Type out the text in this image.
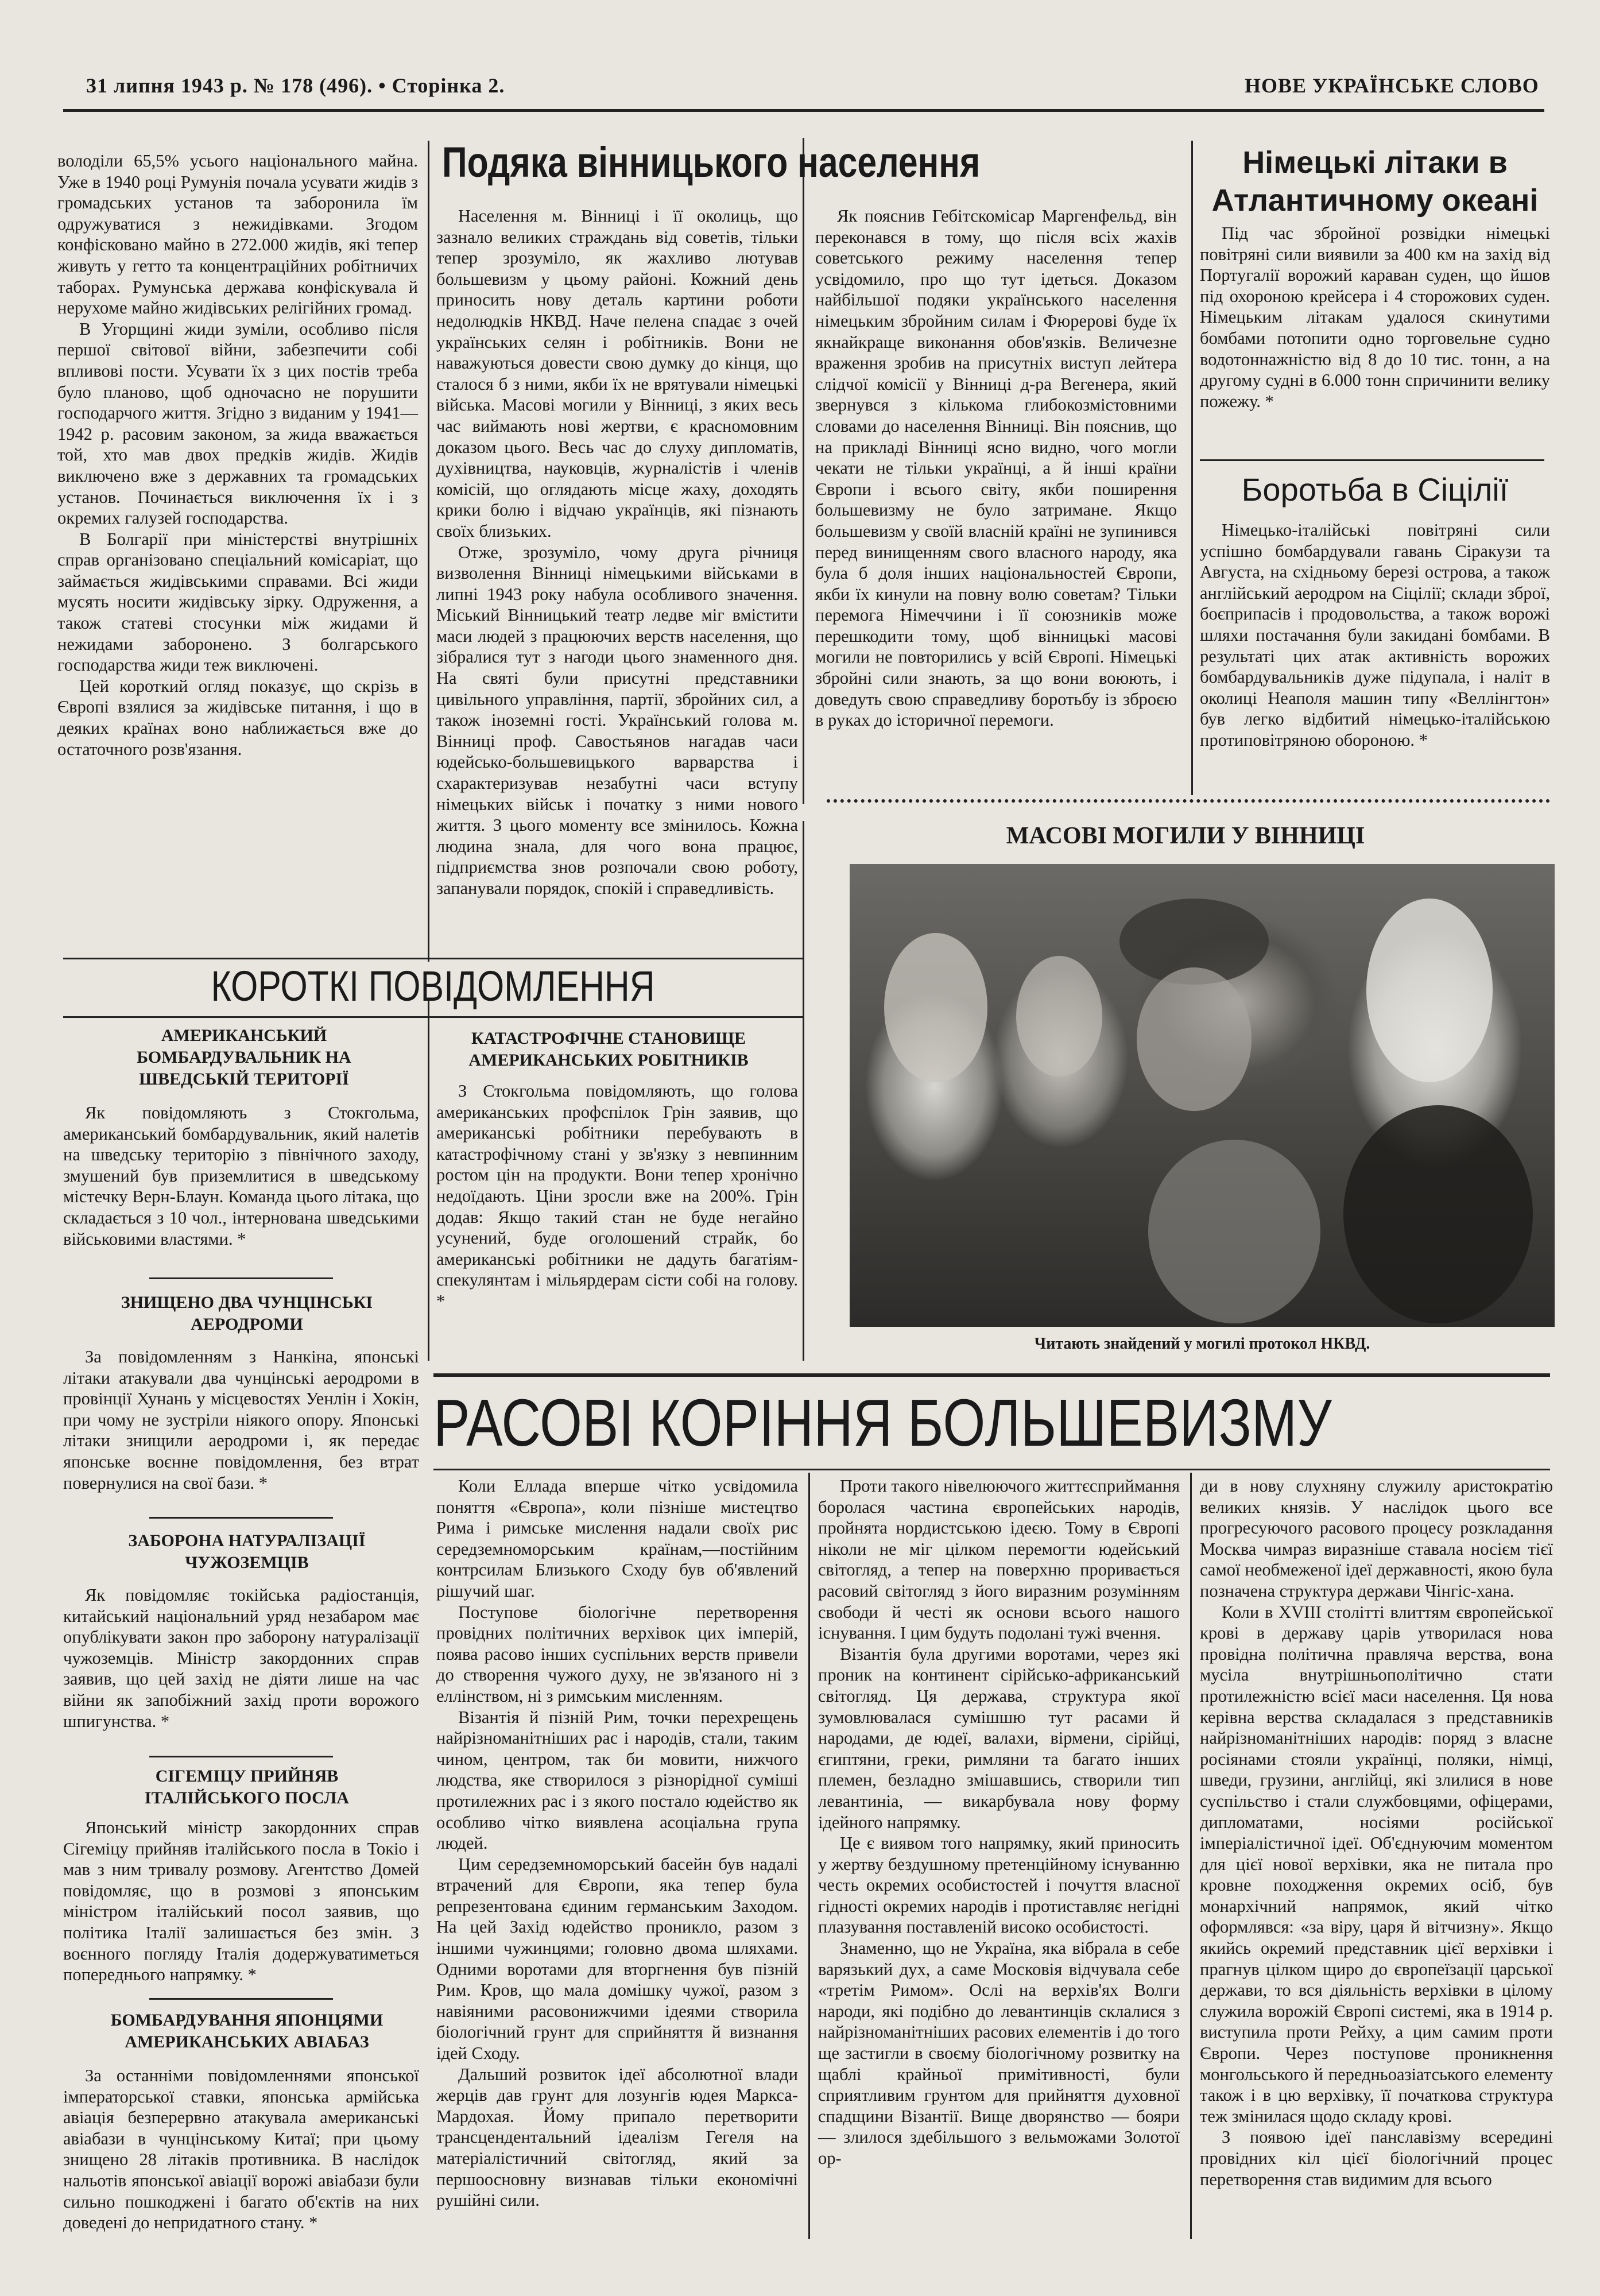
31 липня 1943 р. № 178 (496). • Сторінка 2.	НОВЕ УКРАЇНСЬКЕ СЛОВО

володіли 65,5% усього національного майна. Уже в 1940 році Румунія почала усувати жидів з громадських установ та заборонила їм одружуватися з нежидівками. Згодом конфісковано майно в 272.000 жидів, які тепер живуть у гетто та концентраційних робітничих таборах. Румунська держава конфіскувала й нерухоме майно жидівських релігійних громад.

В Угорщині жиди зуміли, особливо після першої світової війни, забезпечити собі впливові пости. Усувати їх з цих постів треба було планово, щоб одночасно не порушити господарчого життя. Згідно з виданим у 1941—1942 р. расовим законом, за жида вважається той, хто мав двох предків жидів. Жидів виключено вже з державних та громадських установ. Починається виключення їх і з окремих галузей господарства.

В Болгарії при міністерстві внутрішніх справ організовано спеціальний комісаріат, що займається жидівськими справами. Всі жиди мусять носити жидівську зірку. Одруження, а також статеві стосунки між жидами й нежидами заборонено. З болгарського господарства жиди теж виключені.

Цей короткий огляд показує, що скрізь в Європі взялися за жидівське питання, і що в деяких країнах воно наближається вже до остаточного розв'язання.

Подяка вінницького населення

Населення м. Вінниці і її околиць, що зазнало великих страждань від советів, тільки тепер зрозуміло, як жахливо лютував большевизм у цьому районі. Кожний день приносить нову деталь картини роботи недолюдків НКВД. Наче пелена спадає з очей українських селян і робітників. Вони не наважуються довести свою думку до кінця, що сталося б з ними, якби їх не врятували німецькі війська. Масові могили у Вінниці, з яких весь час виймають нові жертви, є красномовним доказом цього. Весь час до слуху дипломатів, духівництва, науковців, журналістів і членів комісій, що оглядають місце жаху, доходять крики болю і відчаю українців, які пізнають своїх близьких.

Отже, зрозуміло, чому друга річниця визволення Вінниці німецькими військами в липні 1943 року набула особливого значення. Міський Вінницький театр ледве міг вмістити маси людей з працюючих верств населення, що зібралися тут з нагоди цього знаменного дня. На святі були присутні представники цивільного управління, партії, збройних сил, а також іноземні гості. Український голова м. Вінниці проф. Савостьянов нагадав часи юдейсько-большевицького варварства і схарактеризував незабутні часи вступу німецьких військ і початку з ними нового життя. З цього моменту все змінилось. Кожна людина знала, для чого вона працює, підприємства знов розпочали свою роботу, запанували порядок, спокій і справедливість.

Як пояснив Гебітскомісар Маргенфельд, він переконався в тому, що після всіх жахів советського режиму населення тепер усвідомило, про що тут ідеться. Доказом найбільшої подяки українського населення німецьким збройним силам і Фюрерові буде їх якнайкраще виконання обов'язків. Величезне враження зробив на присутніх виступ лейтера слідчої комісії у Вінниці д-ра Вегенера, який звернувся з кількома глибокозмістовними словами до населення Вінниці. Він пояснив, що на прикладі Вінниці ясно видно, чого могли чекати не тільки українці, а й інші країни Європи і всього світу, якби поширення большевизму не було затримане. Якщо большевизм у своїй власній країні не зупинився перед винищенням свого власного народу, яка була б доля інших національностей Європи, якби їх кинули на повну волю советам? Тільки перемога Німеччини і її союзників може перешкодити тому, щоб вінницькі масові могили не повторились у всій Європі. Німецькі збройні сили знають, за що вони воюють, і доведуть свою справедливу боротьбу із зброєю в руках до історичної перемоги.

Німецькі літаки в Атлантичному океані

Під час збройної розвідки німецькі повітряні сили виявили за 400 км на захід від Португалії ворожий караван суден, що йшов під охороною крейсера і 4 сторожових суден. Німецьким літакам удалося скинутими бомбами потопити одно торговельне судно водотоннажністю від 8 до 10 тис. тонн, а на другому судні в 6.000 тонн спричинити велику пожежу. *

Боротьба в Сіцілії

Німецько-італійські повітряні сили успішно бомбардували гавань Сіракузи та Августа, на східньому березі острова, а також англійський аеродром на Сіцілії; склади зброї, боєприпасів і продовольства, а також ворожі шляхи постачання були закидані бомбами. В результаті цих атак активність ворожих бомбардувальників дуже підупала, і наліт в околиці Неаполя машин типу «Веллінгтон» був легко відбитий німецько-італійською протиповітряною обороною. *

МАСОВІ МОГИЛИ У ВІННИЦІ
Читають знайдений у могилі протокол НКВД.
КОРОТКІ ПОВІДОМЛЕННЯ
АМЕРИКАНСЬКИЙ БОМБАРДУВАЛЬНИК НА ШВЕДСЬКІЙ ТЕРИТОРІЇ

Як повідомляють з Стокгольма, американський бомбардувальник, який налетів на шведську територію з північного заходу, змушений був приземлитися в шведському містечку Верн-Блаун. Команда цього літака, що складається з 10 чол., інтернована шведськими військовими властями. *

ЗНИЩЕНО ДВА ЧУНЦІНСЬКІ АЕРОДРОМИ

За повідомленням з Нанкіна, японські літаки атакували два чунцінські аеродроми в провінції Хунань у місцевостях Уенлін і Хокін, при чому не зустріли ніякого опору. Японські літаки знищили аеродроми і, як передає японське воєнне повідомлення, без втрат повернулися на свої бази. *

ЗАБОРОНА НАТУРАЛІЗАЦІЇ ЧУЖОЗЕМЦІВ

Як повідомляє токійська радіостанція, китайський національний уряд незабаром має опублікувати закон про заборону натуралізації чужоземців. Міністр закордонних справ заявив, що цей захід не діяти лише на час війни як запобіжний захід проти ворожого шпигунства. *

СІГЕМІЦУ ПРИЙНЯВ ІТАЛІЙСЬКОГО ПОСЛА

Японський міністр закордонних справ Сігеміцу прийняв італійського посла в Токіо і мав з ним тривалу розмову. Агентство Домей повідомляє, що в розмові з японським міністром італійський посол заявив, що політика Італії залишається без змін. З воєнного погляду Італія додержуватиметься попереднього напрямку. *

БОМБАРДУВАННЯ ЯПОНЦЯМИ АМЕРИКАНСЬКИХ АВІАБАЗ

За останніми повідомленнями японської імператорської ставки, японська армійська авіація безперервно атакувала американські авіабази в чунцінському Китаї; при цьому знищено 28 літаків противника. В наслідок нальотів японської авіації ворожі авіабази були сильно пошкоджені і багато об'єктів на них доведені до непридатного стану. *

КАТАСТРОФІЧНЕ СТАНОВИЩЕ АМЕРИКАНСЬКИХ РОБІТНИКІВ

З Стокгольма повідомляють, що голова американських профспілок Грін заявив, що американські робітники перебувають в катастрофічному стані у зв'язку з невпинним ростом цін на продукти. Вони тепер хронічно недоїдають. Ціни зросли вже на 200%. Грін додав: Якщо такий стан не буде негайно усунений, буде оголошений страйк, бо американські робітники не дадуть багатіям-спекулянтам і мільярдерам сісти собі на голову. *

РАСОВІ КОРІННЯ БОЛЬШЕВИЗМУ

Коли Еллада вперше чітко усвідомила поняття «Європа», коли пізніше мистецтво Рима і римське мислення надали своїх рис середземноморським країнам,—постійним контрсилам Близького Сходу був об'явлений рішучий шаг.

Поступове біологічне перетворення провідних політичних верхівок цих імперій, поява расово інших суспільних верств привели до створення чужого духу, не зв'язаного ні з еллінством, ні з римським мисленням.

Візантія й пізній Рим, точки перехрещень найрізноманітніших рас і народів, стали, таким чином, центром, так би мовити, нижчого людства, яке створилося з різнорідної суміші протилежних рас і з якого постало юдейство як особливо чітко виявлена асоціальна група людей.

Цим середземноморський басейн був надалі втрачений для Європи, яка тепер була репрезентована єдиним германським Заходом. На цей Захід юдейство проникло, разом з іншими чужинцями; головно двома шляхами. Одними воротами для вторгнення був пізній Рим. Кров, що мала домішку чужої, разом з навіяними расовонижчими ідеями створила біологічний грунт для сприйняття й визнання ідей Сходу.

Дальший розвиток ідеї абсолютної влади жерців дав грунт для лозунгів юдея Маркса-Мардохая. Йому припало перетворити трансцендентальний ідеалізм Гегеля на матеріалістичний світогляд, який за першоосновну визнавав тільки економічні рушійні сили.

Проти такого нівелюючого життєсприймання боролася частина європейських народів, пройнята нордистською ідеєю. Тому в Європі ніколи не міг цілком перемогти юдейський світогляд, а тепер на поверхню проривається расовий світогляд з його виразним розумінням свободи й честі як основи всього нашого існування. І цим будуть подолані тужі вчення.

Візантія була другими воротами, через які проник на континент сірійсько-африканський світогляд. Ця держава, структура якої зумовлювалася сумішшю тут расами й народами, де юдеї, валахи, вірмени, сірійці, єгиптяни, греки, римляни та багато інших племен, безладно змішавшись, створили тип левантиніа, — викарбувала нову форму ідейного напрямку.

Це є виявом того напрямку, який приносить у жертву бездушному претенційному існуванню честь окремих особистостей і почуття власної гідності окремих народів і протиставляє негідні плазування поставленій високо особистості.

Знаменно, що не Україна, яка вібрала в себе варязький дух, а саме Московія відчувала себе «третім Римом». Ослі на верхів'ях Волги народи, які подібно до левантинців склалися з найрізноманітніших расових елементів і до того ще застигли в своєму біологічному розвитку на щаблі крайньої примітивності, були сприятливим грунтом для прийняття духовної спадщини Візантії. Вище дворянство — бояри — злилося здебільшого з вельможами Золотої ор-

ди в нову слухняну служилу аристократію великих князів. У наслідок цього все прогресуючого расового процесу розкладання Москва чимраз виразніше ставала носієм тієї самої необмеженої ідеї державності, якою була позначена структура держави Чінгіс-хана.

Коли в XVIII столітті влиттям європейської крові в державу царів утворилася нова провідна політична правляча верства, вона мусіла внутрішньополітично стати протилежністю всієї маси населення. Ця нова керівна верства складалася з представників найрізноманітніших народів: поряд з власне росіянами стояли українці, поляки, німці, шведи, грузини, англійці, які злилися в нове суспільство і стали службовцями, офіцерами, дипломатами, носіями російської імперіалістичної ідеї. Об'єднуючим моментом для цієї нової верхівки, яка не питала про кровне походження окремих осіб, був монархічний напрямок, який чітко оформлявся: «за віру, царя й вітчизну». Якщо якийсь окремий представник цієї верхівки і прагнув цілком щиро до європеїзації царської держави, то вся діяльність верхівки в цілому служила ворожій Європі системі, яка в 1914 р. виступила проти Рейху, а цим самим проти Європи. Через поступове проникнення монгольського й передньоазіатського елементу також і в цю верхівку, її початкова структура теж змінилася щодо складу крові.

З появою ідеї панславізму всередині провідних кіл цієї біологічний процес перетворення став видимим для всього
